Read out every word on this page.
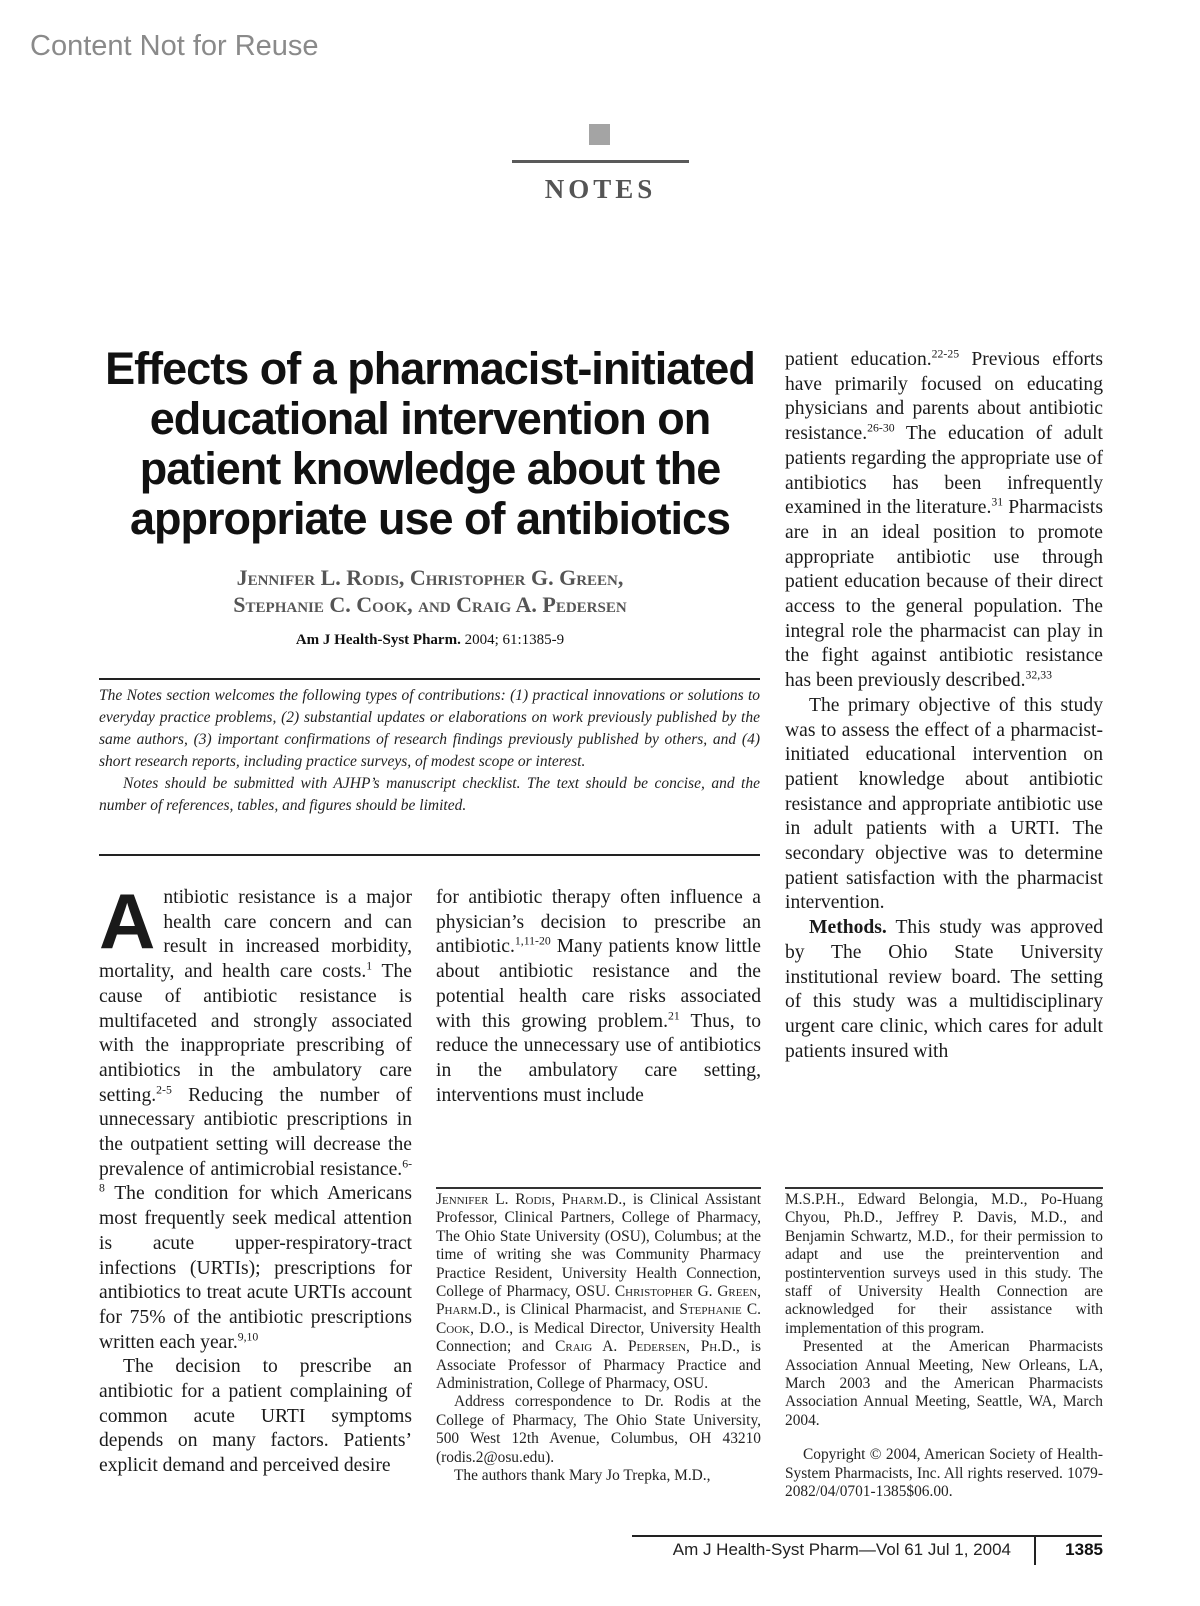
Content Not for Reuse
NOTES
Effects of a pharmacist-initiated educational intervention on patient knowledge about the appropriate use of antibiotics
Jennifer L. Rodis, Christopher G. Green,
Stephanie C. Cook, and Craig A. Pedersen
Am J Health-Syst Pharm. 2004; 61:1385-9

The Notes section welcomes the following types of contributions: (1) practical innovations or solutions to everyday practice problems, (2) substantial updates or elaborations on work previously published by the same authors, (3) important confirmations of research findings previously published by others, and (4) short research reports, including practice surveys, of modest scope or interest.

Notes should be submitted with AJHP’s manuscript checklist. The text should be concise, and the number of references, tables, and figures should be limited.

Antibiotic resistance is a major health care concern and can result in increased morbidity, mortality, and health care costs.$^1$ The cause of antibiotic resistance is multifaceted and strongly associated with the inappropriate prescribing of antibiotics in the ambulatory care setting.$^{2-5}$ Reducing the number of unnecessary antibiotic prescriptions in the outpatient setting will decrease the prevalence of antimicrobial resistance.$^{6-8}$ The condition for which Americans most frequently seek medical attention is acute upper-respiratory-tract infections (URTIs); prescriptions for antibiotics to treat acute URTIs account for 75% of the antibiotic prescriptions written each year.$^{9,10}$

The decision to prescribe an antibiotic for a patient complaining of common acute URTI symptoms depends on many factors. Patients’ explicit demand and perceived desire

for antibiotic therapy often influence a physician’s decision to prescribe an antibiotic.$^{1,11-20}$ Many patients know little about antibiotic resistance and the potential health care risks associated with this growing problem.$^{21}$ Thus, to reduce the unnecessary use of antibiotics in the ambulatory care setting, interventions must include

patient education.$^{22-25}$ Previous efforts have primarily focused on educating physicians and parents about antibiotic resistance.$^{26-30}$ The education of adult patients regarding the appropriate use of antibiotics has been infrequently examined in the literature.$^{31}$ Pharmacists are in an ideal position to promote appropriate antibiotic use through patient education because of their direct access to the general population. The integral role the pharmacist can play in the fight against antibiotic resistance has been previously described.$^{32,33}$

The primary objective of this study was to assess the effect of a pharmacist-initiated educational intervention on patient knowledge about antibiotic resistance and appropriate antibiotic use in adult patients with a URTI. The secondary objective was to determine patient satisfaction with the pharmacist intervention.

Methods. This study was approved by The Ohio State University institutional review board. The setting of this study was a multidisciplinary urgent care clinic, which cares for adult patients insured with

Jennifer L. Rodis, Pharm.D., is Clinical Assistant Professor, Clinical Partners, College of Pharmacy, The Ohio State University (OSU), Columbus; at the time of writing she was Community Pharmacy Practice Resident, University Health Connection, College of Pharmacy, OSU. Christopher G. Green, Pharm.D., is Clinical Pharmacist, and Stephanie C. Cook, D.O., is Medical Director, University Health Connection; and Craig A. Pedersen, Ph.D., is Associate Professor of Pharmacy Practice and Administration, College of Pharmacy, OSU.

Address correspondence to Dr. Rodis at the College of Pharmacy, The Ohio State University, 500 West 12th Avenue, Columbus, OH 43210 (rodis.2@osu.edu).

The authors thank Mary Jo Trepka, M.D.,

M.S.P.H., Edward Belongia, M.D., Po-Huang Chyou, Ph.D., Jeffrey P. Davis, M.D., and Benjamin Schwartz, M.D., for their permission to adapt and use the preintervention and postintervention surveys used in this study. The staff of University Health Connection are acknowledged for their assistance with implementation of this program.

Presented at the American Pharmacists Association Annual Meeting, New Orleans, LA, March 2003 and the American Pharmacists Association Annual Meeting, Seattle, WA, March 2004.

Copyright © 2004, American Society of Health-System Pharmacists, Inc. All rights reserved. 1079-2082/04/0701-1385$06.00.

Am J Health-Syst Pharm—Vol 61 Jul 1, 2004	1385
